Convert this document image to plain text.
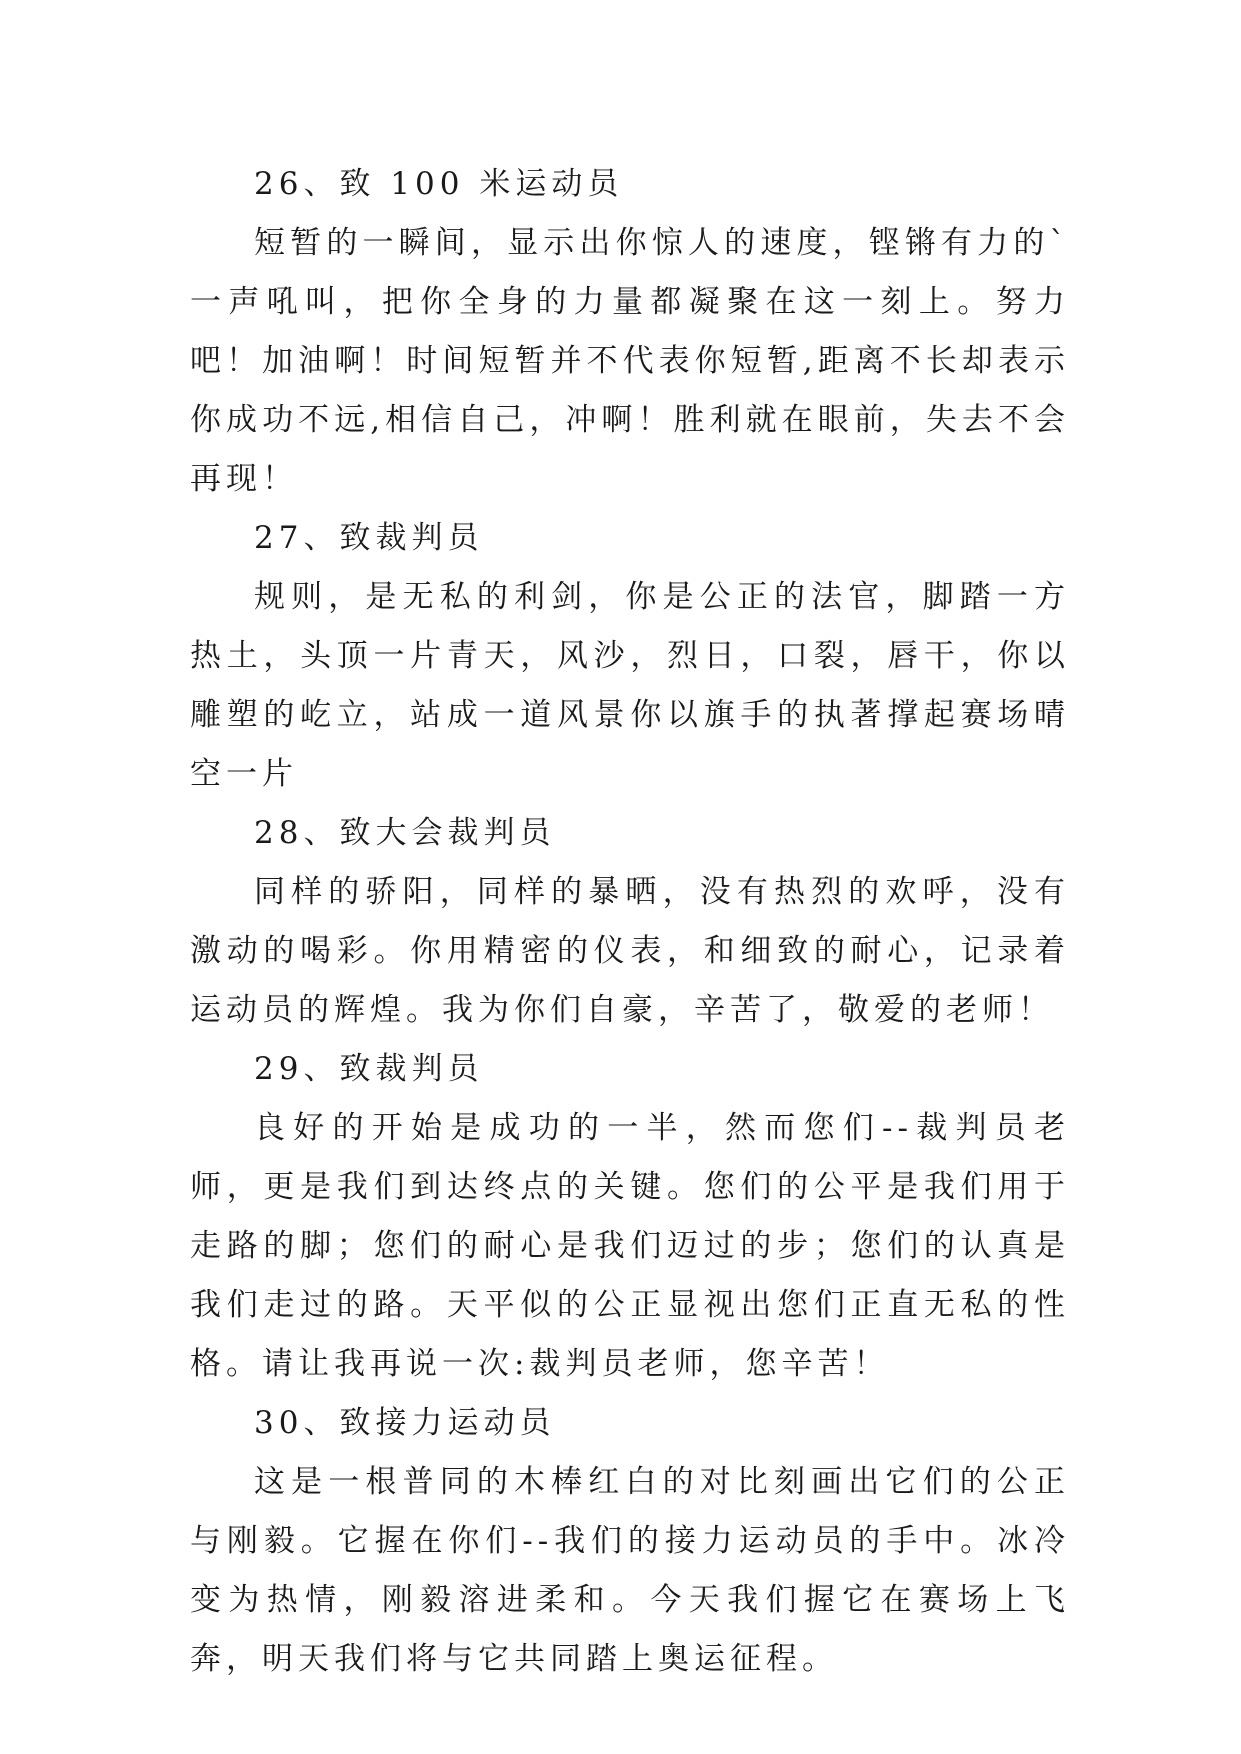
26、致 100 米运动员

短暂的一瞬间，显示出你惊人的速度，铿锵有力的`一声吼叫，把你全身的力量都凝聚在这一刻上。努力吧！加油啊！时间短暂并不代表你短暂,距离不长却表示你成功不远,相信自己，冲啊！胜利就在眼前，失去不会再现！

27、致裁判员

规则，是无私的利剑，你是公正的法官，脚踏一方热土，头顶一片青天，风沙，烈日，口裂，唇干，你以雕塑的屹立，站成一道风景你以旗手的执著撑起赛场晴空一片

28、致大会裁判员

同样的骄阳，同样的暴晒，没有热烈的欢呼，没有激动的喝彩。你用精密的仪表，和细致的耐心，记录着运动员的辉煌。我为你们自豪，辛苦了，敬爱的老师！

29、致裁判员

良好的开始是成功的一半，然而您们--裁判员老师，更是我们到达终点的关键。您们的公平是我们用于走路的脚；您们的耐心是我们迈过的步；您们的认真是我们走过的路。天平似的公正显视出您们正直无私的性格。请让我再说一次:裁判员老师，您辛苦！

30、致接力运动员

这是一根普同的木棒红白的对比刻画出它们的公正与刚毅。它握在你们--我们的接力运动员的手中。冰冷变为热情，刚毅溶进柔和。今天我们握它在赛场上飞奔，明天我们将与它共同踏上奥运征程。
